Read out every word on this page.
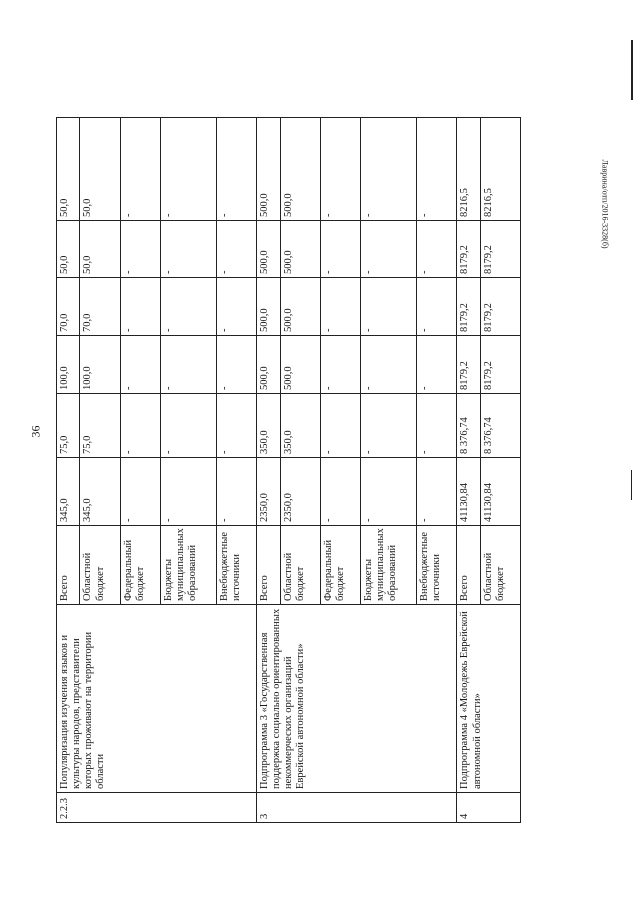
36
Лаврина/отп/2016-3328(б)
2.2.3	Популяризация изучения языков и культуры народов, представители которых проживают на территории области	Всего	345,0	75,0	100,0	70,0	50,0	50,0
		Областной бюджет	345,0	75,0	100,0	70,0	50,0	50,0
		Федеральный бюджет	-	-	-	-	-	-
		Бюджеты муниципальных образований	-	-	-	-	-	-
		Внебюджетные источники	-	-	-	-	-	-
3	Подпрограмма 3 «Государственная поддержка социально ориентированных некоммерческих организаций Еврейской автономной области»	Всего	2350,0	350,0	500,0	500,0	500,0	500,0
		Областной бюджет	2350,0	350,0	500,0	500,0	500,0	500,0
		Федеральный бюджет	-	-	-	-	-	-
		Бюджеты муниципальных образований	-	-	-	-	-	-
		Внебюджетные источники	-	-	-	-	-	-
4	Подпрограмма 4 «Молодежь Еврейской автономной области»	Всего	41130,84	8 376,74	8179,2	8179,2	8179,2	8216,5
		Областной бюджет	41130,84	8 376,74	8179,2	8179,2	8179,2	8216,5
